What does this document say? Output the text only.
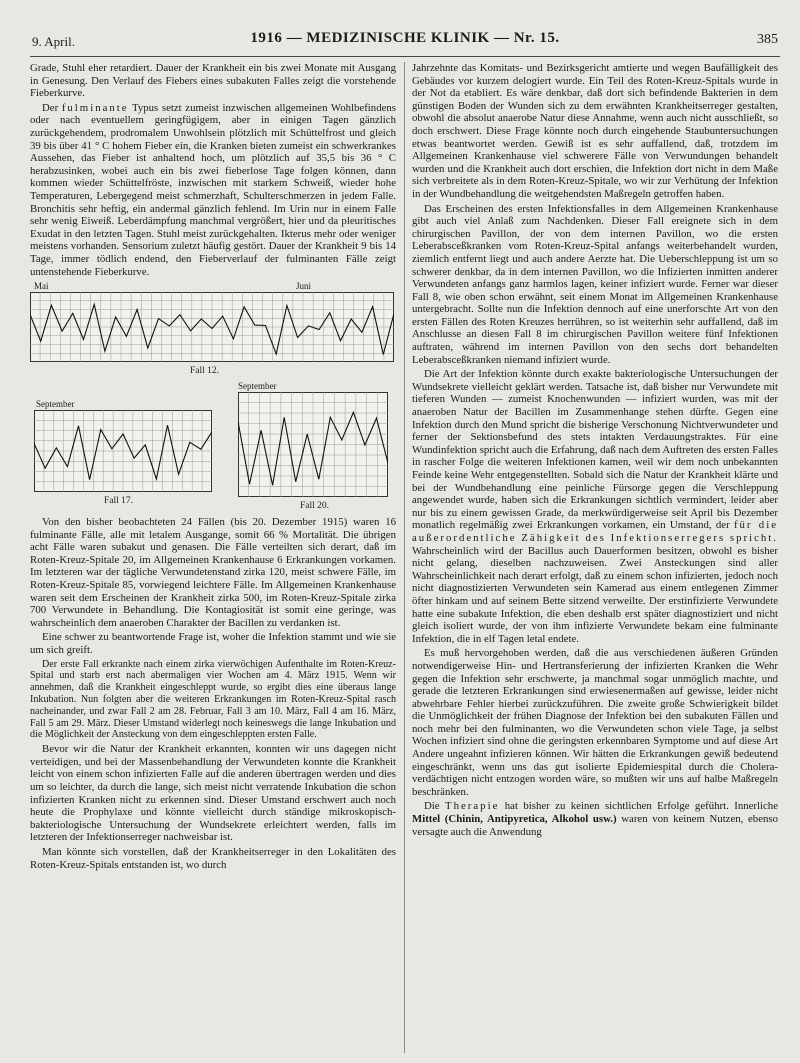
9. April.	1916 — MEDIZINISCHE KLINIK — Nr. 15.	385

Grade, Stuhl eher retardiert. Dauer der Krankheit ein bis zwei Monate mit Ausgang in Genesung. Den Verlauf des Fiebers eines subakuten Falles zeigt die vorstehende Fieberkurve.

Der fulminante Typus setzt zumeist inzwischen allgemeinen Wohlbefindens oder nach eventuellem geringfügigem, aber in einigen Tagen gänzlich zurückgehendem, prodromalem Unwohlsein plötzlich mit Schüttelfrost und gleich 39 bis über 41 ° C hohem Fieber ein, die Kranken bieten zumeist ein schwerkrankes Aussehen, das Fieber ist anhaltend hoch, um plötzlich auf 35,5 bis 36 ° C herabzusinken, wobei auch ein bis zwei fieberlose Tage folgen können, dann kommen wieder Schüttelfröste, inzwischen mit starkem Schweiß, wieder hohe Temperaturen, Lebergegend meist schmerzhaft, Schulterschmerzen in jedem Falle. Bronchitis sehr heftig, ein andermal gänzlich fehlend. Im Urin nur in einem Falle sehr wenig Eiweiß. Leberdämpfung manchmal vergrößert, hier und da pleuritisches Exudat in den letzten Tagen. Stuhl meist zurückgehalten. Ikterus mehr oder weniger meistens vorhanden. Sensorium zuletzt häufig gestört. Dauer der Krankheit 9 bis 14 Tage, immer tödlich endend, den Fieberverlauf der fulminanten Fälle zeigt untenstehende Fieberkurve.

Mai	Juni
Fall 12.
September
Fall 20.
September
Fall 17.

Von den bisher beobachteten 24 Fällen (bis 20. Dezember 1915) waren 16 fulminante Fälle, alle mit letalem Ausgange, somit 66 % Mortalität. Die übrigen acht Fälle waren subakut und genasen. Die Fälle verteilten sich derart, daß im Roten-Kreuz-Spitale 20, im Allgemeinen Krankenhause 6 Erkrankungen vorkamen. Im letzteren war der tägliche Verwundetenstand zirka 120, meist schwere Fälle, im Roten-Kreuz-Spitale 85, vorwiegend leichtere Fälle. Im Allgemeinen Krankenhause waren seit dem Erscheinen der Krankheit zirka 500, im Roten-Kreuz-Spitale zirka 700 Verwundete in Behandlung. Die Kontagiosität ist somit eine geringe, was wahrscheinlich dem anaeroben Charakter der Bacillen zu verdanken ist.

Eine schwer zu beantwortende Frage ist, woher die Infektion stammt und wie sie um sich greift.

Der erste Fall erkrankte nach einem zirka vierwöchigen Aufenthalte im Roten-Kreuz-Spital und starb erst nach abermaligen vier Wochen am 4. März 1915. Wenn wir annehmen, daß die Krankheit eingeschleppt wurde, so ergibt dies eine überaus lange Inkubation. Nun folgten aber die weiteren Erkrankungen im Roten-Kreuz-Spital rasch nacheinander, und zwar Fall 2 am 28. Februar, Fall 3 am 10. März, Fall 4 am 16. März, Fall 5 am 29. März. Dieser Umstand widerlegt noch keineswegs die lange Inkubation und die Möglichkeit der Ansteckung von dem eingeschleppten ersten Falle.

Bevor wir die Natur der Krankheit erkannten, konnten wir uns dagegen nicht verteidigen, und bei der Massenbehandlung der Verwundeten konnte die Krankheit leicht von einem schon infizierten Falle auf die anderen übertragen werden und dies um so leichter, da durch die lange, sich meist nicht verratende Inkubation die schon infizierten Kranken nicht zu erkennen sind. Dieser Umstand erschwert auch noch heute die Prophylaxe und könnte vielleicht durch ständige mikroskopisch-bakteriologische Untersuchung der Wundsekrete erleichtert werden, falls im letzteren der Infektionserreger nachweisbar ist.

Man könnte sich vorstellen, daß der Krankheitserreger in den Lokalitäten des Roten-Kreuz-Spitals entstanden ist, wo durch

Jahrzehnte das Komitats- und Bezirksgericht amtierte und wegen Baufälligkeit des Gebäudes vor kurzem delogiert wurde. Ein Teil des Roten-Kreuz-Spitals wurde in der Not da etabliert. Es wäre denkbar, daß dort sich befindende Bakterien in dem günstigen Boden der Wunden sich zu dem erwähnten Krankheitserreger gestalten, obwohl die absolut anaerobe Natur diese Annahme, wenn auch nicht ausschließt, so doch erschwert. Diese Frage könnte noch durch eingehende Staubuntersuchungen etwas beantwortet werden. Gewiß ist es sehr auffallend, daß, trotzdem im Allgemeinen Krankenhause viel schwerere Fälle von Verwundungen behandelt wurden und die Krankheit auch dort erschien, die Infektion dort nicht in dem Maße sich verbreitete als in dem Roten-Kreuz-Spitale, wo wir zur Verhütung der Infektion in der Wundbehandlung die weitgehendsten Maßregeln getroffen haben.

Das Erscheinen des ersten Infektionsfalles in dem Allgemeinen Krankenhause gibt auch viel Anlaß zum Nachdenken. Dieser Fall ereignete sich in dem chirurgischen Pavillon, der von dem internen Pavillon, wo die ersten Leberabsceßkranken vom Roten-Kreuz-Spital anfangs weiterbehandelt wurden, ziemlich entfernt liegt und auch andere Aerzte hat. Die Ueberschleppung ist um so schwerer denkbar, da in dem internen Pavillon, wo die Infizierten inmitten anderer Verwundeten anfangs ganz harmlos lagen, keiner infiziert wurde. Ferner war dieser Fall 8, wie oben schon erwähnt, seit einem Monat im Allgemeinen Krankenhause untergebracht. Sollte nun die Infektion dennoch auf eine unerforschte Art von den ersten Fällen des Roten Kreuzes herrühren, so ist weiterhin sehr auffallend, daß im Anschlusse an diesen Fall 8 im chirurgischen Pavillon weitere fünf Infektionen auftraten, während im internen Pavillon von den sechs dort behandelten Leberabsceßkranken niemand infiziert wurde.

Die Art der Infektion könnte durch exakte bakteriologische Untersuchungen der Wundsekrete vielleicht geklärt werden. Tatsache ist, daß bisher nur Verwundete mit tieferen Wunden — zumeist Knochenwunden — infiziert wurden, was mit der anaeroben Natur der Bacillen im Zusammenhange stehen dürfte. Gegen eine Infektion durch den Mund spricht die bisherige Verschonung Nichtverwundeter und ferner der Sektionsbefund des stets intakten Verdauungstraktes. Für eine Wundinfektion spricht auch die Erfahrung, daß nach dem Auftreten des ersten Falles in rascher Folge die weiteren Infektionen kamen, weil wir dem noch unbekannten Feinde keine Wehr entgegenstellten. Sobald sich die Natur der Krankheit klärte und bei der Wundbehandlung eine peinliche Fürsorge gegen die Verschleppung angewendet wurde, haben sich die Erkrankungen sichtlich vermindert, leider aber nur bis zu einem gewissen Grade, da merkwürdigerweise seit April bis Dezember monatlich regelmäßig zwei Erkrankungen vorkamen, ein Umstand, der für die außerordentliche Zähigkeit des Infektionserregers spricht. Wahrscheinlich wird der Bacillus auch Dauerformen besitzen, obwohl es bisher nicht gelang, dieselben nachzuweisen. Zwei Ansteckungen sind aller Wahrscheinlichkeit nach derart erfolgt, daß zu einem schon infizierten, jedoch noch nicht diagnostizierten Verwundeten sein Kamerad aus einem entlegenen Zimmer öfter hinkam und auf seinem Bette sitzend verweilte. Der erstinfizierte Verwundete hatte eine subakute Infektion, die eben deshalb erst später diagnostiziert und nicht gleich isoliert wurde, der von ihm infizierte Verwundete bekam eine fulminante Infektion, die in elf Tagen letal endete.

Es muß hervorgehoben werden, daß die aus verschiedenen äußeren Gründen notwendigerweise Hin- und Hertransferierung der infizierten Kranken die Wehr gegen die Infektion sehr erschwerte, ja manchmal sogar unmöglich machte, und gerade die letzteren Erkrankungen sind erwiesenermaßen auf gewisse, leider nicht abwehrbare Fehler hierbei zurückzuführen. Die zweite große Schwierigkeit bildet die Unmöglichkeit der frühen Diagnose der Infektion bei den subakuten Fällen und noch mehr bei den fulminanten, wo die Verwundeten schon viele Tage, ja selbst Wochen infiziert sind ohne die geringsten erkennbaren Symptome und auf diese Art Andere ungeahnt infizieren können. Wir hätten die Erkrankungen gewiß bedeutend eingeschränkt, wenn uns das gut isolierte Epidemiespital durch die Cholera-verdächtigen nicht entzogen worden wäre, so mußten wir uns auf halbe Maßregeln beschränken.

Die Therapie hat bisher zu keinen sichtlichen Erfolge geführt. Innerliche Mittel (Chinin, Antipyretica, Alkohol usw.) waren von keinem Nutzen, ebenso versagte auch die Anwendung
